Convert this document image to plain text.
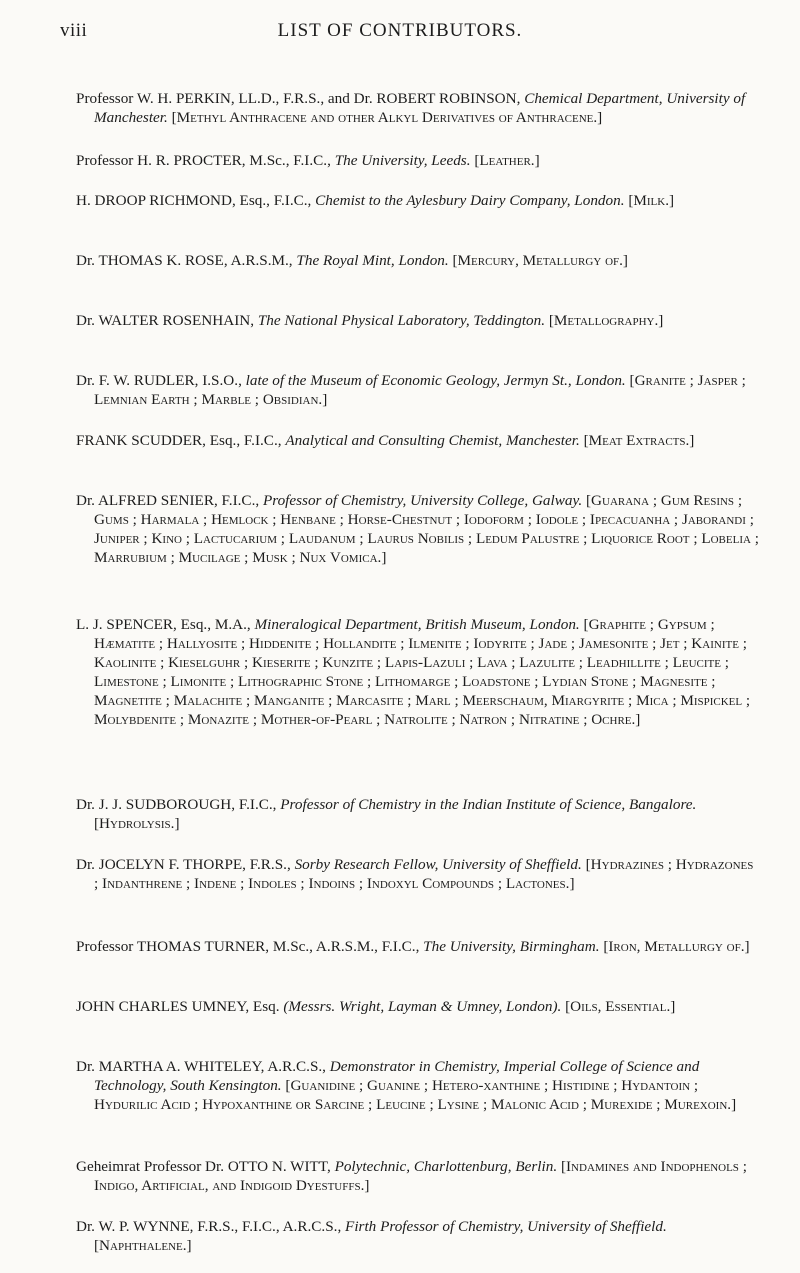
viii	LIST OF CONTRIBUTORS.

Professor W. H. PERKIN, LL.D., F.R.S., and Dr. ROBERT ROBINSON, Chemical Department, University of Manchester. [Methyl Anthracene and other Alkyl Derivatives of Anthracene.]

Professor H. R. PROCTER, M.Sc., F.I.C., The University, Leeds. [Leather.]

H. DROOP RICHMOND, Esq., F.I.C., Chemist to the Aylesbury Dairy Company, London. [Milk.]

Dr. THOMAS K. ROSE, A.R.S.M., The Royal Mint, London. [Mercury, Metallurgy of.]

Dr. WALTER ROSENHAIN, The National Physical Laboratory, Teddington. [Metallography.]

Dr. F. W. RUDLER, I.S.O., late of the Museum of Economic Geology, Jermyn St., London. [Granite ; Jasper ; Lemnian Earth ; Marble ; Obsidian.]

FRANK SCUDDER, Esq., F.I.C., Analytical and Consulting Chemist, Manchester. [Meat Extracts.]

Dr. ALFRED SENIER, F.I.C., Professor of Chemistry, University College, Galway. [Guarana ; Gum Resins ; Gums ; Harmala ; Hemlock ; Henbane ; Horse-Chestnut ; Iodoform ; Iodole ; Ipecacuanha ; Jaborandi ; Juniper ; Kino ; Lactucarium ; Laudanum ; Laurus Nobilis ; Ledum Palustre ; Liquorice Root ; Lobelia ; Marrubium ; Mucilage ; Musk ; Nux Vomica.]

L. J. SPENCER, Esq., M.A., Mineralogical Department, British Museum, London. [Graphite ; Gypsum ; Hæmatite ; Hallyosite ; Hiddenite ; Hollandite ; Ilmenite ; Iodyrite ; Jade ; Jamesonite ; Jet ; Kainite ; Kaolinite ; Kieselguhr ; Kieserite ; Kunzite ; Lapis-Lazuli ; Lava ; Lazulite ; Leadhillite ; Leucite ; Limestone ; Limonite ; Lithographic Stone ; Lithomarge ; Loadstone ; Lydian Stone ; Magnesite ; Magnetite ; Malachite ; Manganite ; Marcasite ; Marl ; Meerschaum, Miargyrite ; Mica ; Mispickel ; Molybdenite ; Monazite ; Mother-of-Pearl ; Natrolite ; Natron ; Nitratine ; Ochre.]

Dr. J. J. SUDBOROUGH, F.I.C., Professor of Chemistry in the Indian Institute of Science, Bangalore. [Hydrolysis.]

Dr. JOCELYN F. THORPE, F.R.S., Sorby Research Fellow, University of Sheffield. [Hydrazines ; Hydrazones ; Indanthrene ; Indene ; Indoles ; Indoins ; Indoxyl Compounds ; Lactones.]

Professor THOMAS TURNER, M.Sc., A.R.S.M., F.I.C., The University, Birmingham. [Iron, Metallurgy of.]

JOHN CHARLES UMNEY, Esq. (Messrs. Wright, Layman & Umney, London). [Oils, Essential.]

Dr. MARTHA A. WHITELEY, A.R.C.S., Demonstrator in Chemistry, Imperial College of Science and Technology, South Kensington. [Guanidine ; Guanine ; Hetero-xanthine ; Histidine ; Hydantoin ; Hydurilic Acid ; Hypoxanthine or Sarcine ; Leucine ; Lysine ; Malonic Acid ; Murexide ; Murexoin.]

Geheimrat Professor Dr. OTTO N. WITT, Polytechnic, Charlottenburg, Berlin. [Indamines and Indophenols ; Indigo, Artificial, and Indigoid Dyestuffs.]

Dr. W. P. WYNNE, F.R.S., F.I.C., A.R.C.S., Firth Professor of Chemistry, University of Sheffield. [Naphthalene.]
